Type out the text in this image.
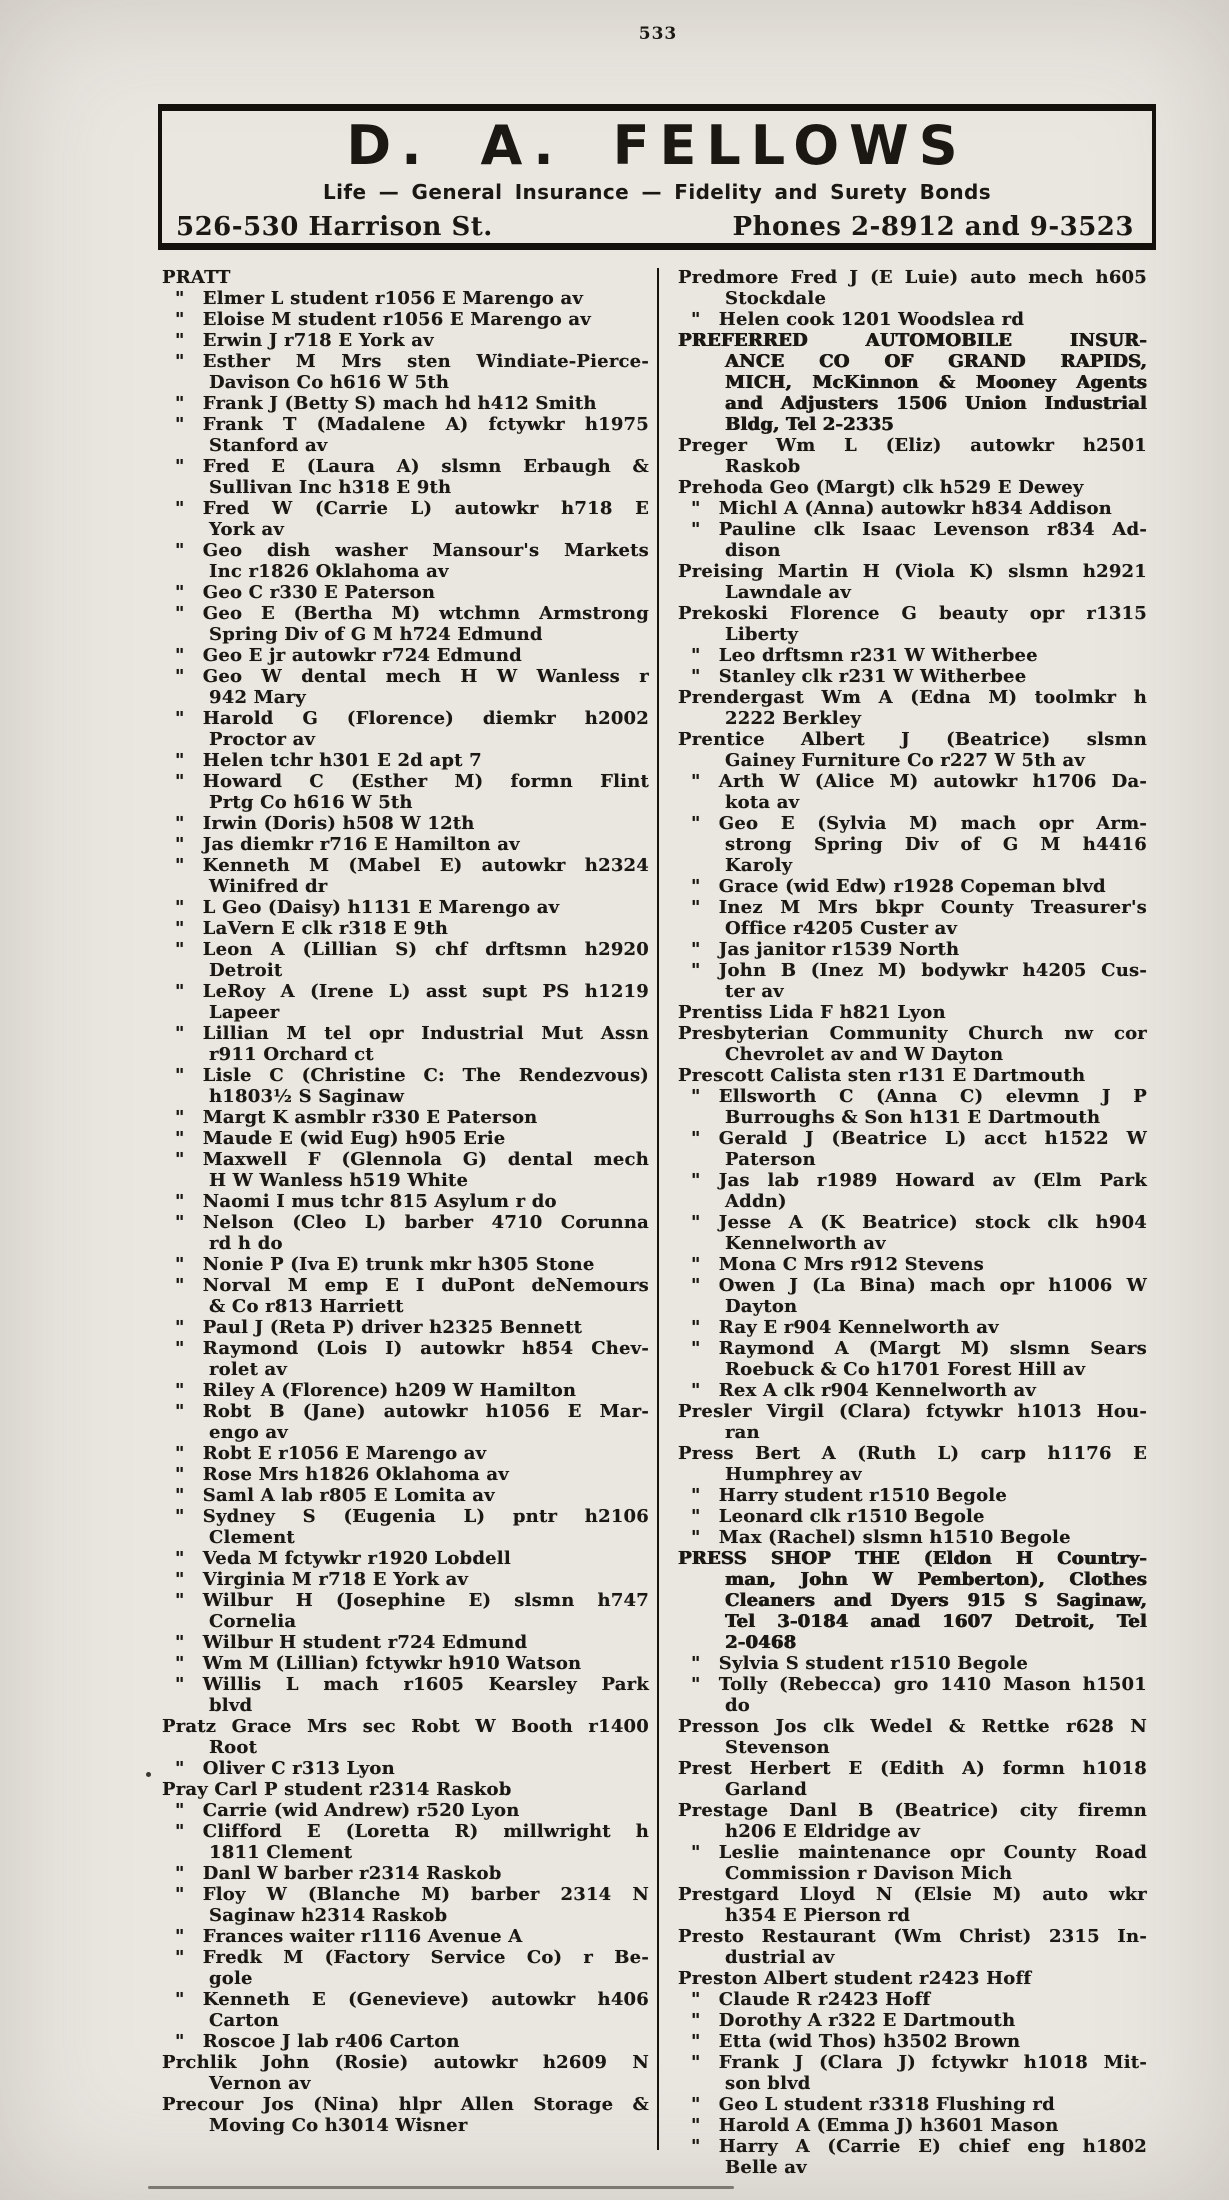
533
D. A. FELLOWS
Life — General Insurance — Fidelity and Surety Bonds
526-530 Harrison St.	Phones 2-8912 and 9-3523
PRATT
" Elmer L student r1056 E Marengo av
" Eloise M student r1056 E Marengo av
" Erwin J r718 E York av
" Esther M Mrs sten Windiate-Pierce-
Davison Co h616 W 5th
" Frank J (Betty S) mach hd h412 Smith
" Frank T (Madalene A) fctywkr h1975
Stanford av
" Fred E (Laura A) slsmn Erbaugh &
Sullivan Inc h318 E 9th
" Fred W (Carrie L) autowkr h718 E
York av
" Geo dish washer Mansour's Markets
Inc r1826 Oklahoma av
" Geo C r330 E Paterson
" Geo E (Bertha M) wtchmn Armstrong
Spring Div of G M h724 Edmund
" Geo E jr autowkr r724 Edmund
" Geo W dental mech H W Wanless r
942 Mary
" Harold G (Florence) diemkr h2002
Proctor av
" Helen tchr h301 E 2d apt 7
" Howard C (Esther M) formn Flint
Prtg Co h616 W 5th
" Irwin (Doris) h508 W 12th
" Jas diemkr r716 E Hamilton av
" Kenneth M (Mabel E) autowkr h2324
Winifred dr
" L Geo (Daisy) h1131 E Marengo av
" LaVern E clk r318 E 9th
" Leon A (Lillian S) chf drftsmn h2920
Detroit
" LeRoy A (Irene L) asst supt PS h1219
Lapeer
" Lillian M tel opr Industrial Mut Assn
r911 Orchard ct
" Lisle C (Christine C: The Rendezvous)
h1803½ S Saginaw
" Margt K asmblr r330 E Paterson
" Maude E (wid Eug) h905 Erie
" Maxwell F (Glennola G) dental mech
H W Wanless h519 White
" Naomi I mus tchr 815 Asylum r do
" Nelson (Cleo L) barber 4710 Corunna
rd h do
" Nonie P (Iva E) trunk mkr h305 Stone
" Norval M emp E I duPont deNemours
& Co r813 Harriett
" Paul J (Reta P) driver h2325 Bennett
" Raymond (Lois I) autowkr h854 Chev-
rolet av
" Riley A (Florence) h209 W Hamilton
" Robt B (Jane) autowkr h1056 E Mar-
engo av
" Robt E r1056 E Marengo av
" Rose Mrs h1826 Oklahoma av
" Saml A lab r805 E Lomita av
" Sydney S (Eugenia L) pntr h2106
Clement
" Veda M fctywkr r1920 Lobdell
" Virginia M r718 E York av
" Wilbur H (Josephine E) slsmn h747
Cornelia
" Wilbur H student r724 Edmund
" Wm M (Lillian) fctywkr h910 Watson
" Willis L mach r1605 Kearsley Park
blvd
Pratz Grace Mrs sec Robt W Booth r1400
Root
" Oliver C r313 Lyon
Pray Carl P student r2314 Raskob
" Carrie (wid Andrew) r520 Lyon
" Clifford E (Loretta R) millwright h
1811 Clement
" Danl W barber r2314 Raskob
" Floy W (Blanche M) barber 2314 N
Saginaw h2314 Raskob
" Frances waiter r1116 Avenue A
" Fredk M (Factory Service Co) r Be-
gole
" Kenneth E (Genevieve) autowkr h406
Carton
" Roscoe J lab r406 Carton
Prchlik John (Rosie) autowkr h2609 N
Vernon av
Precour Jos (Nina) hlpr Allen Storage &
Moving Co h3014 Wisner
Predmore Fred J (E Luie) auto mech h605
Stockdale
" Helen cook 1201 Woodslea rd
PREFERRED AUTOMOBILE INSUR-
ANCE CO OF GRAND RAPIDS,
MICH, McKinnon & Mooney Agents
and Adjusters 1506 Union Industrial
Bldg, Tel 2-2335
Preger Wm L (Eliz) autowkr h2501
Raskob
Prehoda Geo (Margt) clk h529 E Dewey
" Michl A (Anna) autowkr h834 Addison
" Pauline clk Isaac Levenson r834 Ad-
dison
Preising Martin H (Viola K) slsmn h2921
Lawndale av
Prekoski Florence G beauty opr r1315
Liberty
" Leo drftsmn r231 W Witherbee
" Stanley clk r231 W Witherbee
Prendergast Wm A (Edna M) toolmkr h
2222 Berkley
Prentice Albert J (Beatrice) slsmn
Gainey Furniture Co r227 W 5th av
" Arth W (Alice M) autowkr h1706 Da-
kota av
" Geo E (Sylvia M) mach opr Arm-
strong Spring Div of G M h4416
Karoly
" Grace (wid Edw) r1928 Copeman blvd
" Inez M Mrs bkpr County Treasurer's
Office r4205 Custer av
" Jas janitor r1539 North
" John B (Inez M) bodywkr h4205 Cus-
ter av
Prentiss Lida F h821 Lyon
Presbyterian Community Church nw cor
Chevrolet av and W Dayton
Prescott Calista sten r131 E Dartmouth
" Ellsworth C (Anna C) elevmn J P
Burroughs & Son h131 E Dartmouth
" Gerald J (Beatrice L) acct h1522 W
Paterson
" Jas lab r1989 Howard av (Elm Park
Addn)
" Jesse A (K Beatrice) stock clk h904
Kennelworth av
" Mona C Mrs r912 Stevens
" Owen J (La Bina) mach opr h1006 W
Dayton
" Ray E r904 Kennelworth av
" Raymond A (Margt M) slsmn Sears
Roebuck & Co h1701 Forest Hill av
" Rex A clk r904 Kennelworth av
Presler Virgil (Clara) fctywkr h1013 Hou-
ran
Press Bert A (Ruth L) carp h1176 E
Humphrey av
" Harry student r1510 Begole
" Leonard clk r1510 Begole
" Max (Rachel) slsmn h1510 Begole
PRESS SHOP THE (Eldon H Country-
man, John W Pemberton), Clothes
Cleaners and Dyers 915 S Saginaw,
Tel 3-0184 anad 1607 Detroit, Tel
2-0468
" Sylvia S student r1510 Begole
" Tolly (Rebecca) gro 1410 Mason h1501
do
Presson Jos clk Wedel & Rettke r628 N
Stevenson
Prest Herbert E (Edith A) formn h1018
Garland
Prestage Danl B (Beatrice) city firemn
h206 E Eldridge av
" Leslie maintenance opr County Road
Commission r Davison Mich
Prestgard Lloyd N (Elsie M) auto wkr
h354 E Pierson rd
Presto Restaurant (Wm Christ) 2315 In-
dustrial av
Preston Albert student r2423 Hoff
" Claude R r2423 Hoff
" Dorothy A r322 E Dartmouth
" Etta (wid Thos) h3502 Brown
" Frank J (Clara J) fctywkr h1018 Mit-
son blvd
" Geo L student r3318 Flushing rd
" Harold A (Emma J) h3601 Mason
" Harry A (Carrie E) chief eng h1802
Belle av
